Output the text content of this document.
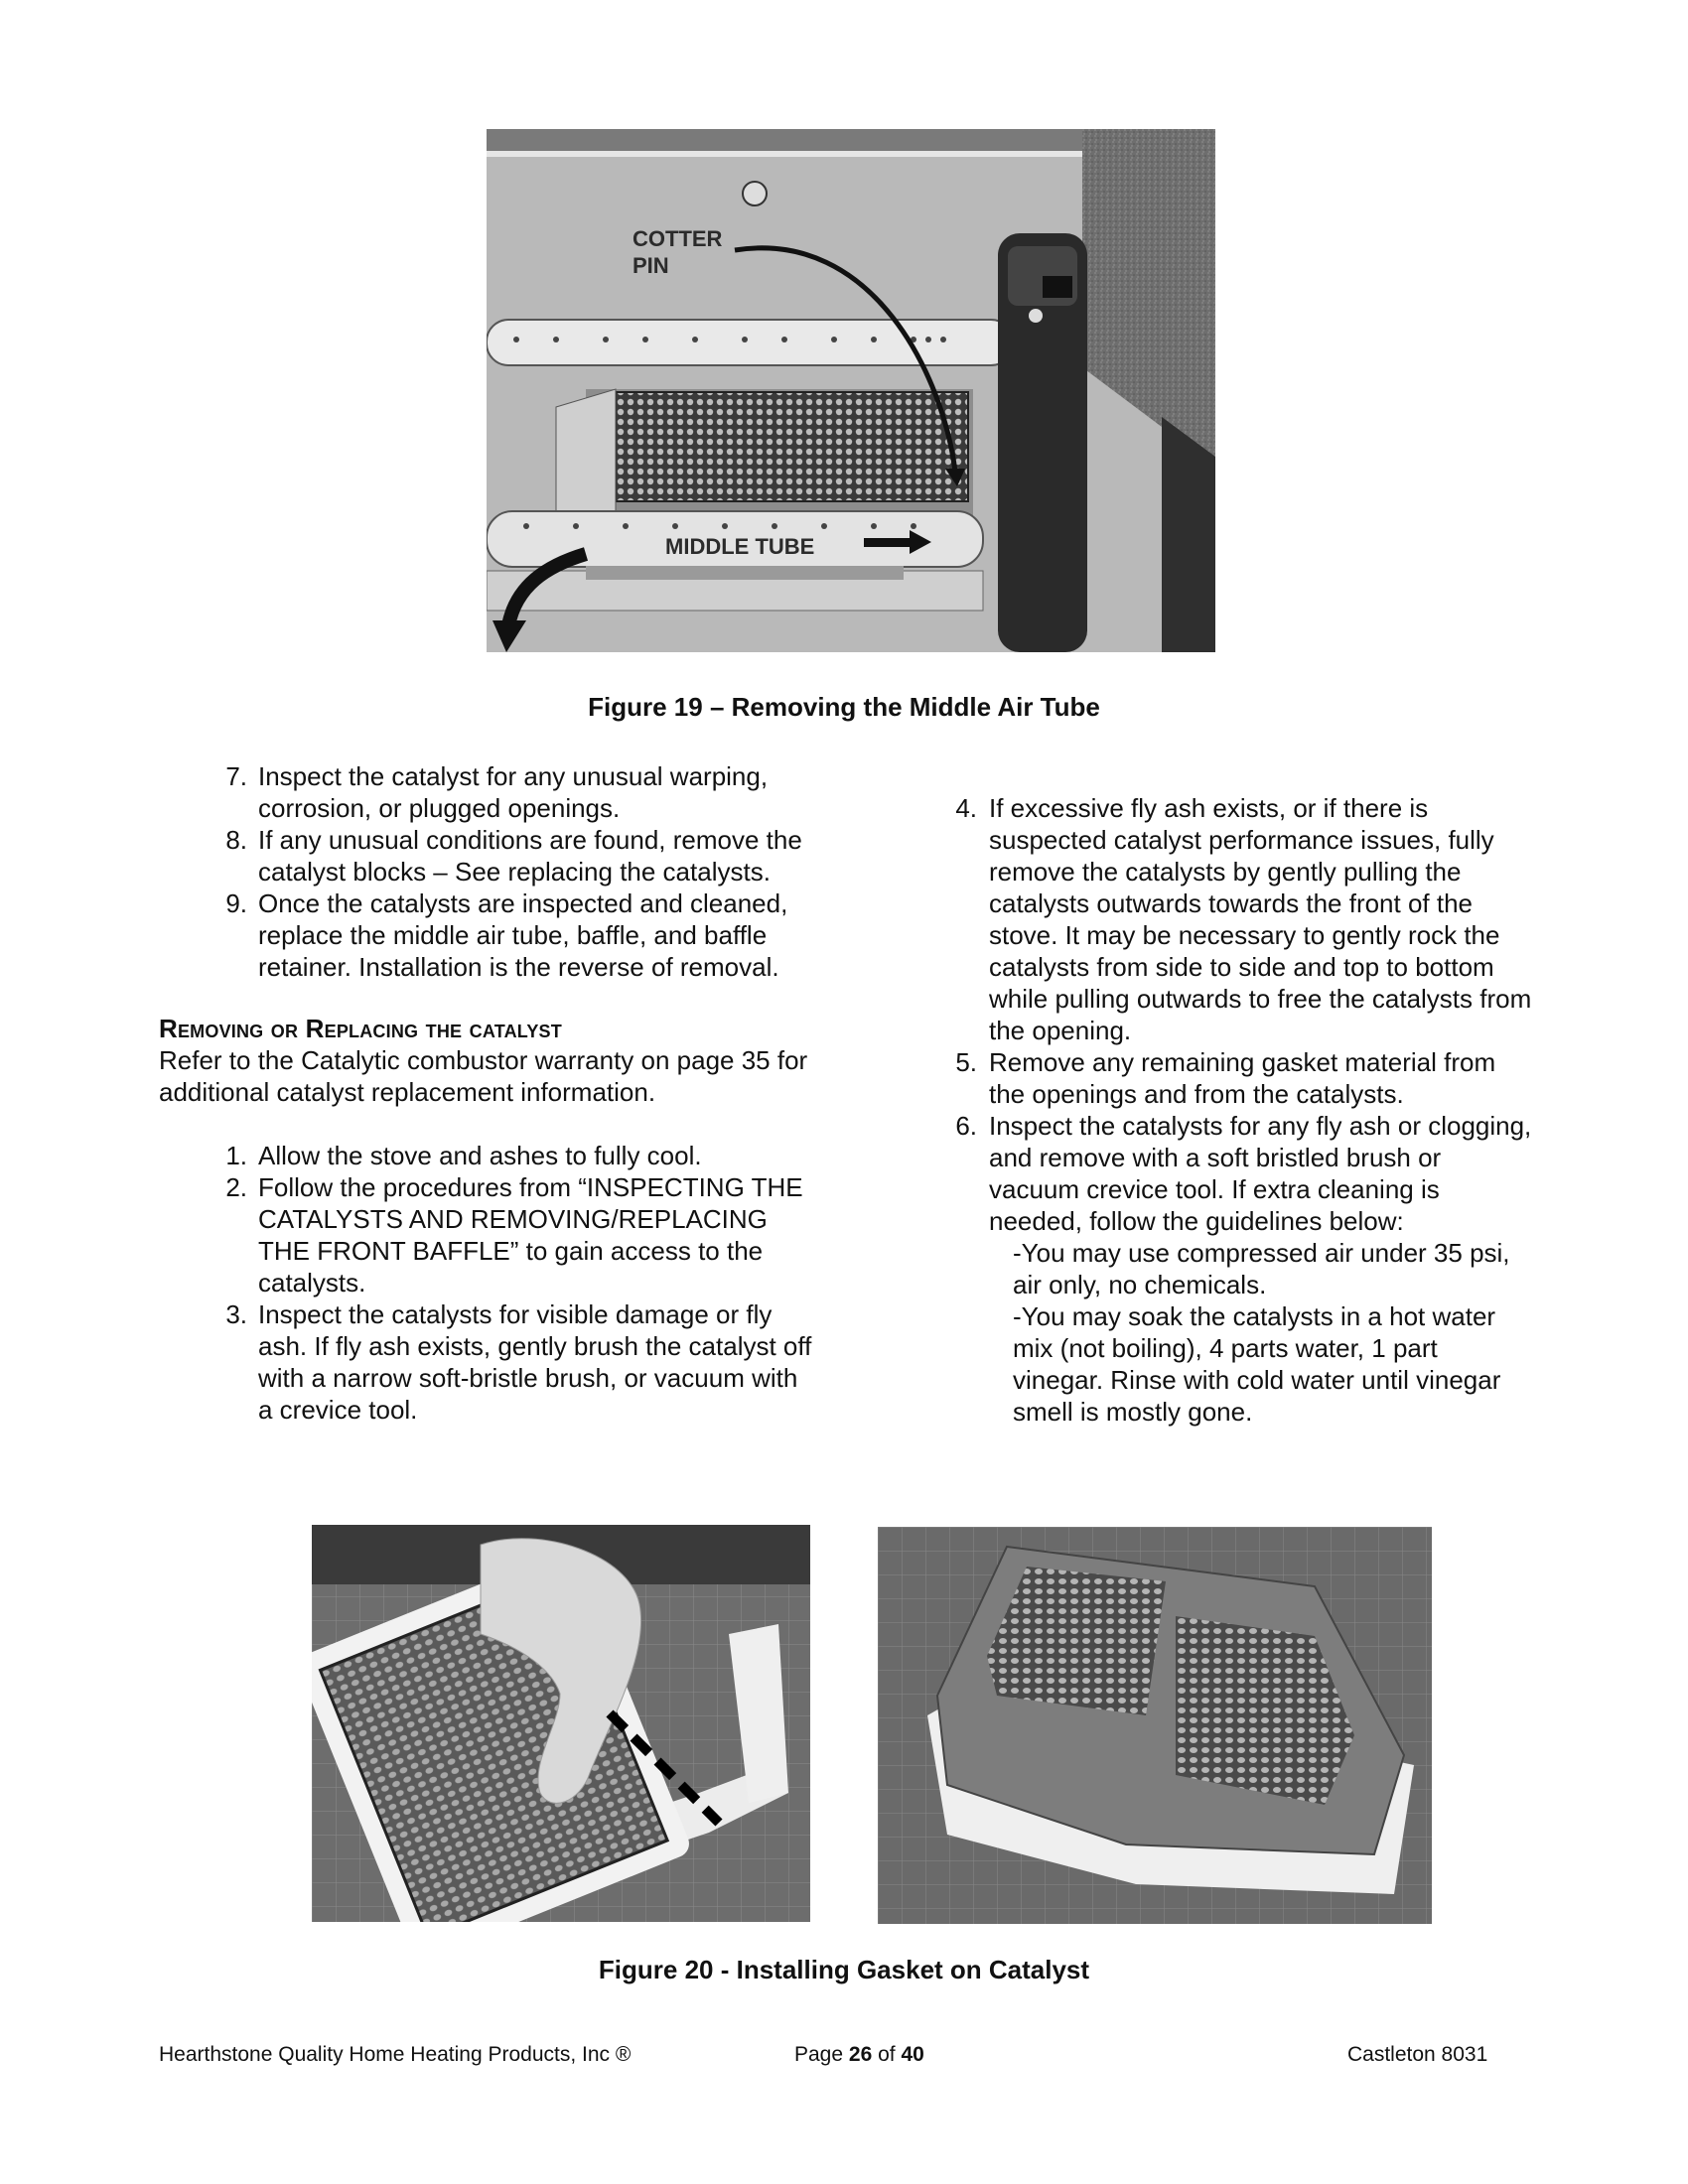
COTTER
PIN
MIDDLE TUBE
Figure 19 – Removing the Middle Air Tube
7. Inspect the catalyst for any unusual warping, corrosion, or plugged openings.
8. If any unusual conditions are found, remove the catalyst blocks – See replacing the catalysts.
9. Once the catalysts are inspected and cleaned, replace the middle air tube, baffle, and baffle retainer. Installation is the reverse of removal.
Removing or Replacing the catalyst
Refer to the Catalytic combustor warranty on page 35 for additional catalyst replacement information.
1. Allow the stove and ashes to fully cool.
2. Follow the procedures from “INSPECTING THE CATALYSTS AND REMOVING/REPLACING THE FRONT BAFFLE” to gain access to the catalysts.
3. Inspect the catalysts for visible damage or fly ash. If fly ash exists, gently brush the catalyst off with a narrow soft-bristle brush, or vacuum with a crevice tool.
4. If excessive fly ash exists, or if there is suspected catalyst performance issues, fully remove the catalysts by gently pulling the catalysts outwards towards the front of the stove. It may be necessary to gently rock the catalysts from side to side and top to bottom while pulling outwards to free the catalysts from the opening.
5. Remove any remaining gasket material from the openings and from the catalysts.
6. Inspect the catalysts for any fly ash or clogging, and remove with a soft bristled brush or vacuum crevice tool. If extra cleaning is needed, follow the guidelines below:
-You may use compressed air under 35 psi, air only, no chemicals.
-You may soak the catalysts in a hot water mix (not boiling), 4 parts water, 1 part vinegar. Rinse with cold water until vinegar smell is mostly gone.
Figure 20 - Installing Gasket on Catalyst
Hearthstone Quality Home Heating Products, Inc ®	Page 26 of 40	Castleton 8031
